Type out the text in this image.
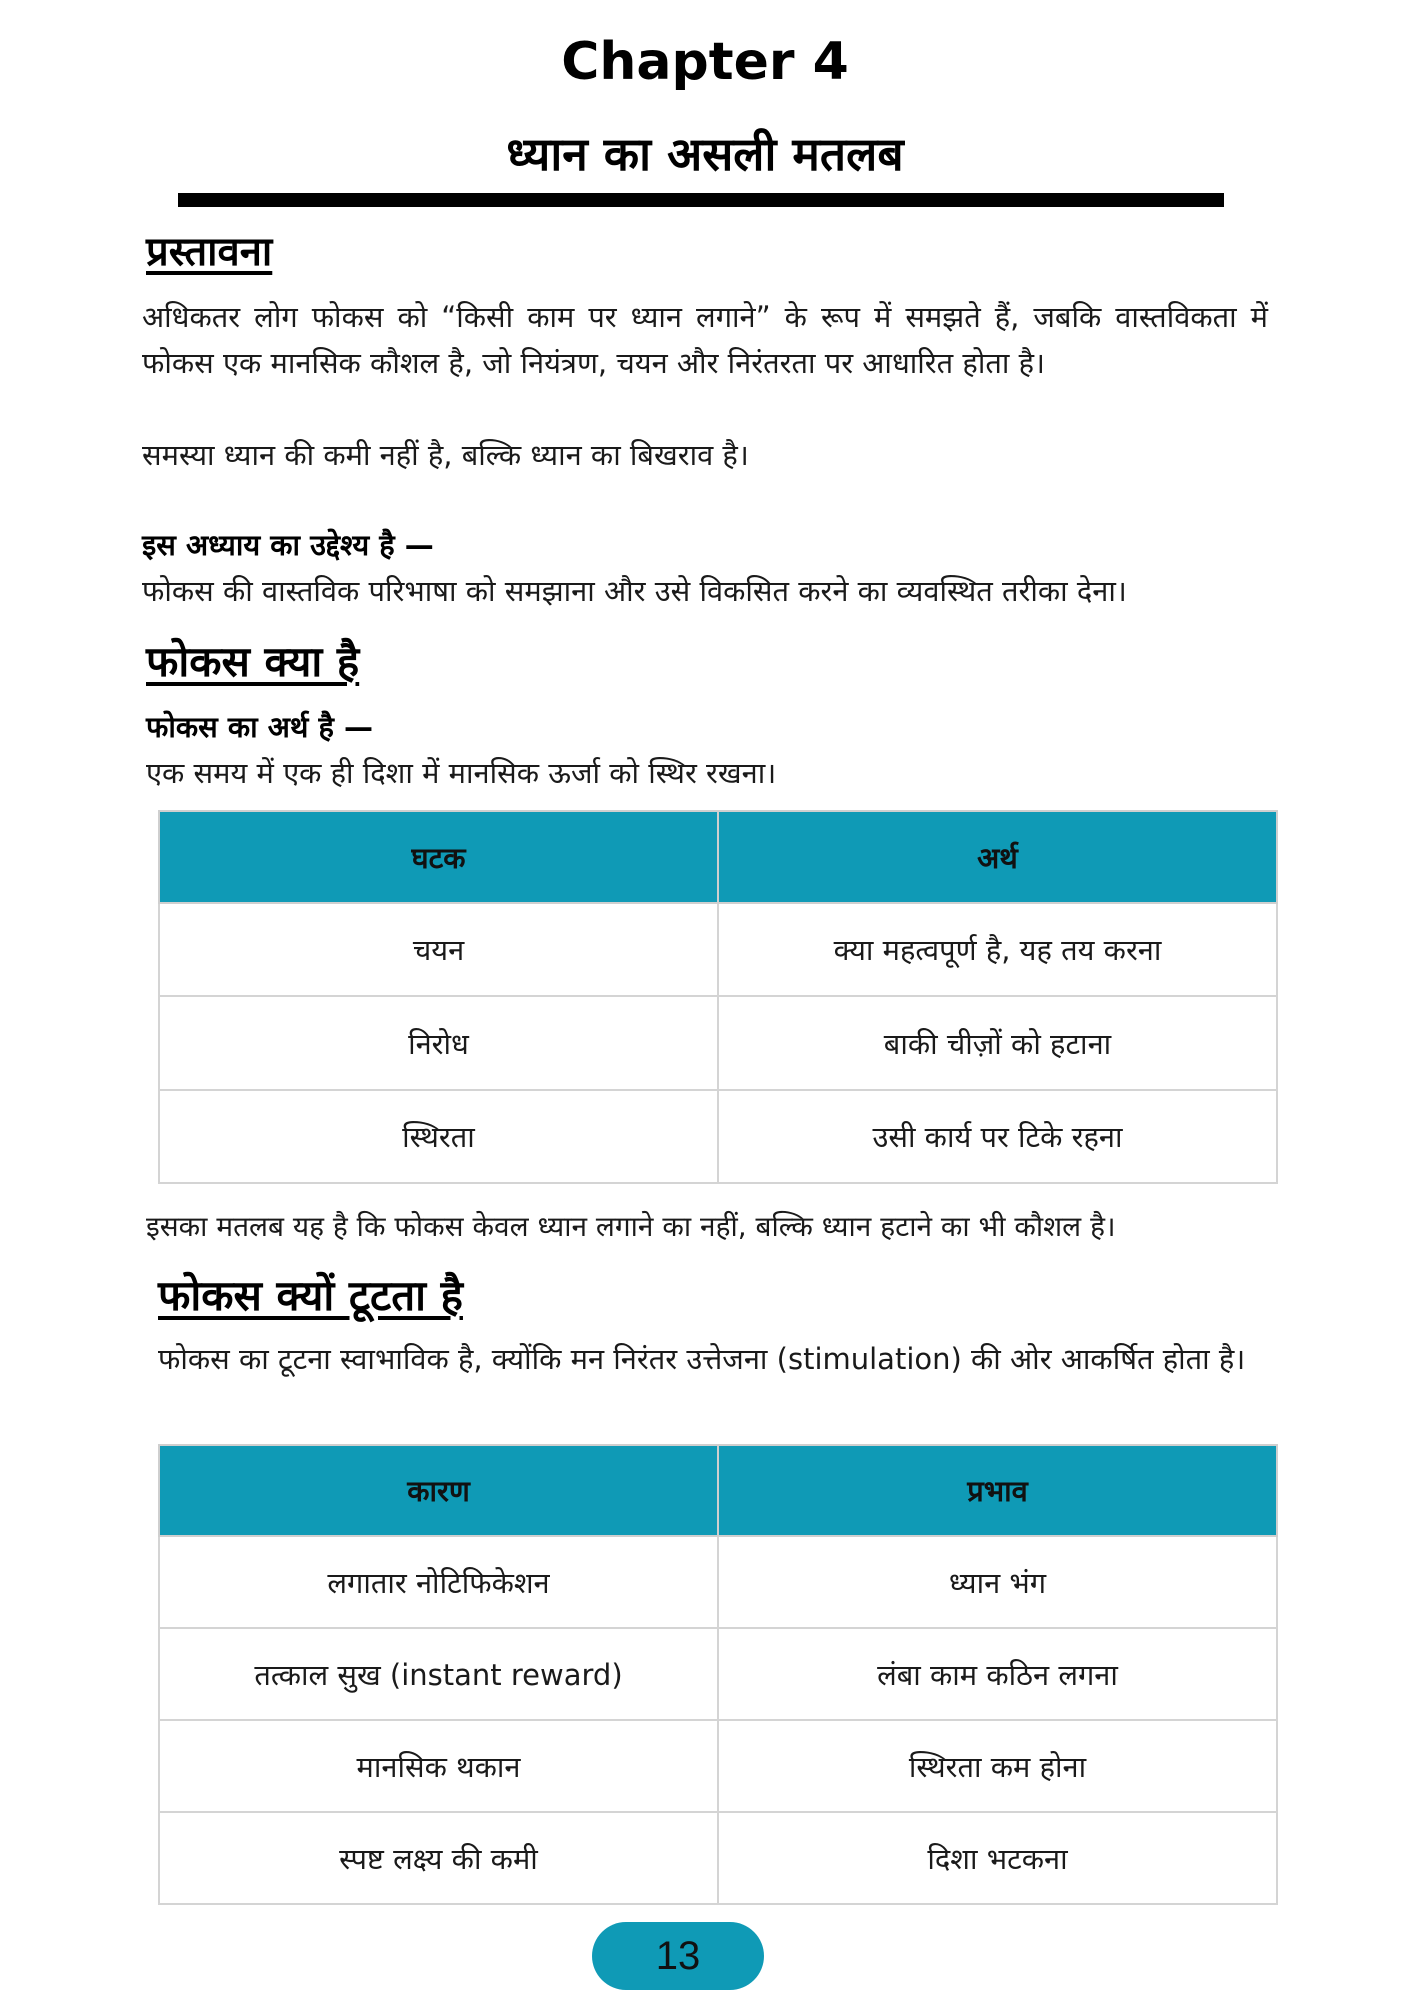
Chapter 4
ध्यान का असली मतलब
प्रस्तावना
अधिकतर लोग फोकस को “किसी काम पर ध्यान लगाने” के रूप में समझते हैं, जबकि वास्तविकता में फोकस एक मानसिक कौशल है, जो नियंत्रण, चयन और निरंतरता पर आधारित होता है।
समस्या ध्यान की कमी नहीं है, बल्कि ध्यान का बिखराव है।
इस अध्याय का उद्देश्य है —
फोकस की वास्तविक परिभाषा को समझाना और उसे विकसित करने का व्यवस्थित तरीका देना।
फोकस क्या है
फोकस का अर्थ है —
एक समय में एक ही दिशा में मानसिक ऊर्जा को स्थिर रखना।
घटक	अर्थ
चयन	क्या महत्वपूर्ण है, यह तय करना
निरोध	बाकी चीज़ों को हटाना
स्थिरता	उसी कार्य पर टिके रहना
इसका मतलब यह है कि फोकस केवल ध्यान लगाने का नहीं, बल्कि ध्यान हटाने का भी कौशल है।
फोकस क्यों टूटता है
फोकस का टूटना स्वाभाविक है, क्योंकि मन निरंतर उत्तेजना (stimulation) की ओर आकर्षित होता है।
कारण	प्रभाव
लगातार नोटिफिकेशन	ध्यान भंग
तत्काल सुख (instant reward)	लंबा काम कठिन लगना
मानसिक थकान	स्थिरता कम होना
स्पष्ट लक्ष्य की कमी	दिशा भटकना
13
